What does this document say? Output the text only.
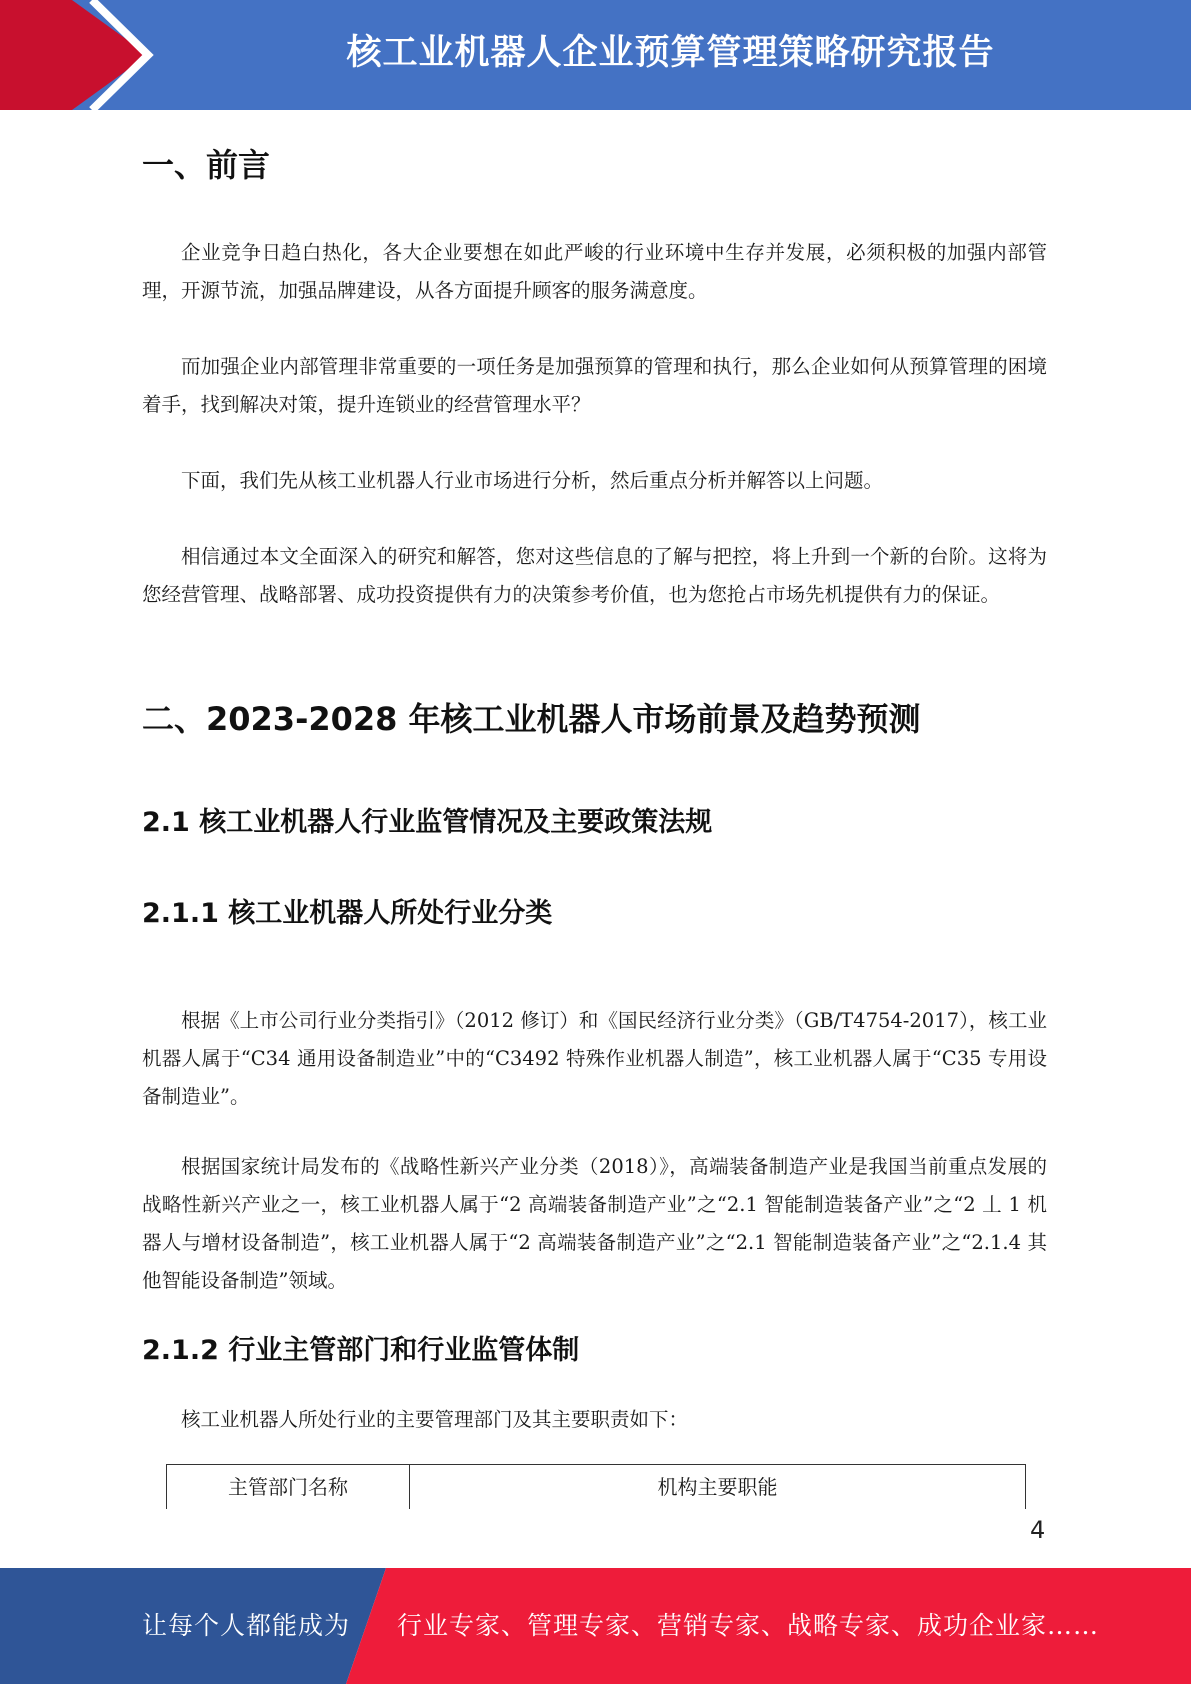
核工业机器人企业预算管理策略研究报告
一、前言

企业竞争日趋白热化，各大企业要想在如此严峻的行业环境中生存并发展，必须积极的加强内部管理，开源节流，加强品牌建设，从各方面提升顾客的服务满意度。

而加强企业内部管理非常重要的一项任务是加强预算的管理和执行，那么企业如何从预算管理的困境着手，找到解决对策，提升连锁业的经营管理水平？

下面，我们先从核工业机器人行业市场进行分析，然后重点分析并解答以上问题。

相信通过本文全面深入的研究和解答，您对这些信息的了解与把控，将上升到一个新的台阶。这将为您经营管理、战略部署、成功投资提供有力的决策参考价值，也为您抢占市场先机提供有力的保证。

二、2023-2028 年核工业机器人市场前景及趋势预测
2.1 核工业机器人行业监管情况及主要政策法规
2.1.1 核工业机器人所处行业分类

根据《上市公司行业分类指引》（2012 修订）和《国民经济行业分类》（GB/T4754-2017），核工业机器人属于“C34 通用设备制造业”中的“C3492 特殊作业机器人制造”，核工业机器人属于“C35 专用设备制造业”。

根据国家统计局发布的《战略性新兴产业分类（2018）》，高端装备制造产业是我国当前重点发展的战略性新兴产业之一，核工业机器人属于“2 高端装备制造产业”之“2.1 智能制造装备产业”之“2 丄 1 机器人与增材设备制造”，核工业机器人属于“2 高端装备制造产业”之“2.1 智能制造装备产业”之“2.1.4 其他智能设备制造”领域。

2.1.2 行业主管部门和行业监管体制

核工业机器人所处行业的主要管理部门及其主要职责如下：

主管部门名称	机构主要职能
4
让每个人都能成为 行业专家、管理专家、营销专家、战略专家、成功企业家……
